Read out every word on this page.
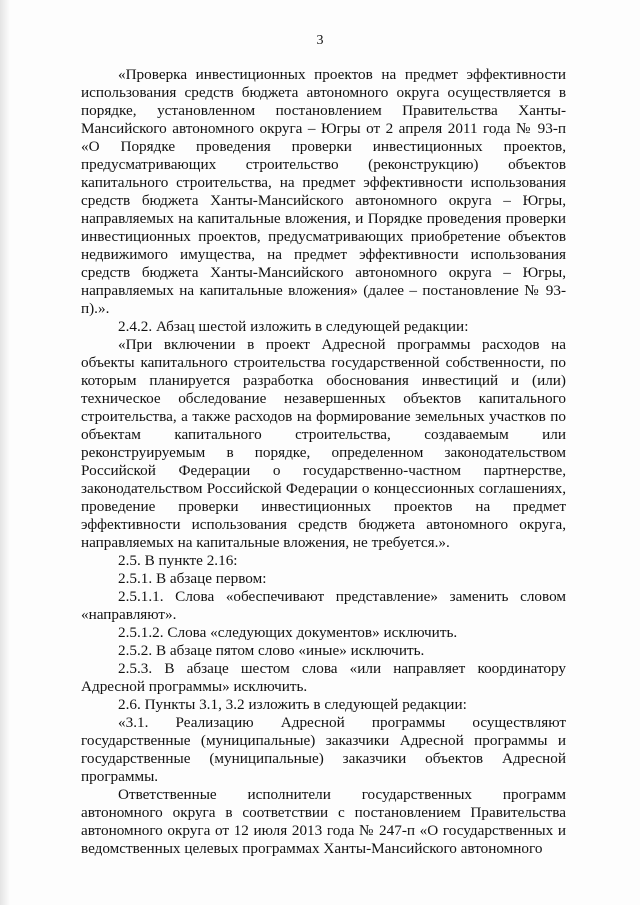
3

«Проверка инвестиционных проектов на предмет эффективности использования средств бюджета автономного округа осуществляется в порядке, установленном постановлением Правительства Ханты-Мансийского автономного округа – Югры от 2 апреля 2011 года № 93-п «О Порядке проведения проверки инвестиционных проектов, предусматривающих строительство (реконструкцию) объектов капитального строительства, на предмет эффективности использования средств бюджета Ханты-Мансийского автономного округа – Югры, направляемых на капитальные вложения, и Порядке проведения проверки инвестиционных проектов, предусматривающих приобретение объектов недвижимого имущества, на предмет эффективности использования средств бюджета Ханты-Мансийского автономного округа – Югры, направляемых на капитальные вложения» (далее – постановление № 93-п).».

2.4.2. Абзац шестой изложить в следующей редакции:

«При включении в проект Адресной программы расходов на объекты капитального строительства государственной собственности, по которым планируется разработка обоснования инвестиций и (или) техническое обследование незавершенных объектов капитального строительства, а также расходов на формирование земельных участков по объектам капитального строительства, создаваемым или реконструируемым в порядке, определенном законодательством Российской Федерации о государственно-частном партнерстве, законодательством Российской Федерации о концессионных соглашениях, проведение проверки инвестиционных проектов на предмет эффективности использования средств бюджета автономного округа, направляемых на капитальные вложения, не требуется.».

2.5. В пункте 2.16:

2.5.1. В абзаце первом:

2.5.1.1. Слова «обеспечивают представление» заменить словом «направляют».

2.5.1.2. Слова «следующих документов» исключить.

2.5.2. В абзаце пятом слово «иные» исключить.

2.5.3. В абзаце шестом слова «или направляет координатору Адресной программы» исключить.

2.6. Пункты 3.1, 3.2 изложить в следующей редакции:

«3.1. Реализацию Адресной программы осуществляют государственные (муниципальные) заказчики Адресной программы и государственные (муниципальные) заказчики объектов Адресной программы.

Ответственные исполнители государственных программ автономного округа в соответствии с постановлением Правительства автономного округа от 12 июля 2013 года № 247-п «О государственных и ведомственных целевых программах Ханты-Мансийского автономного
